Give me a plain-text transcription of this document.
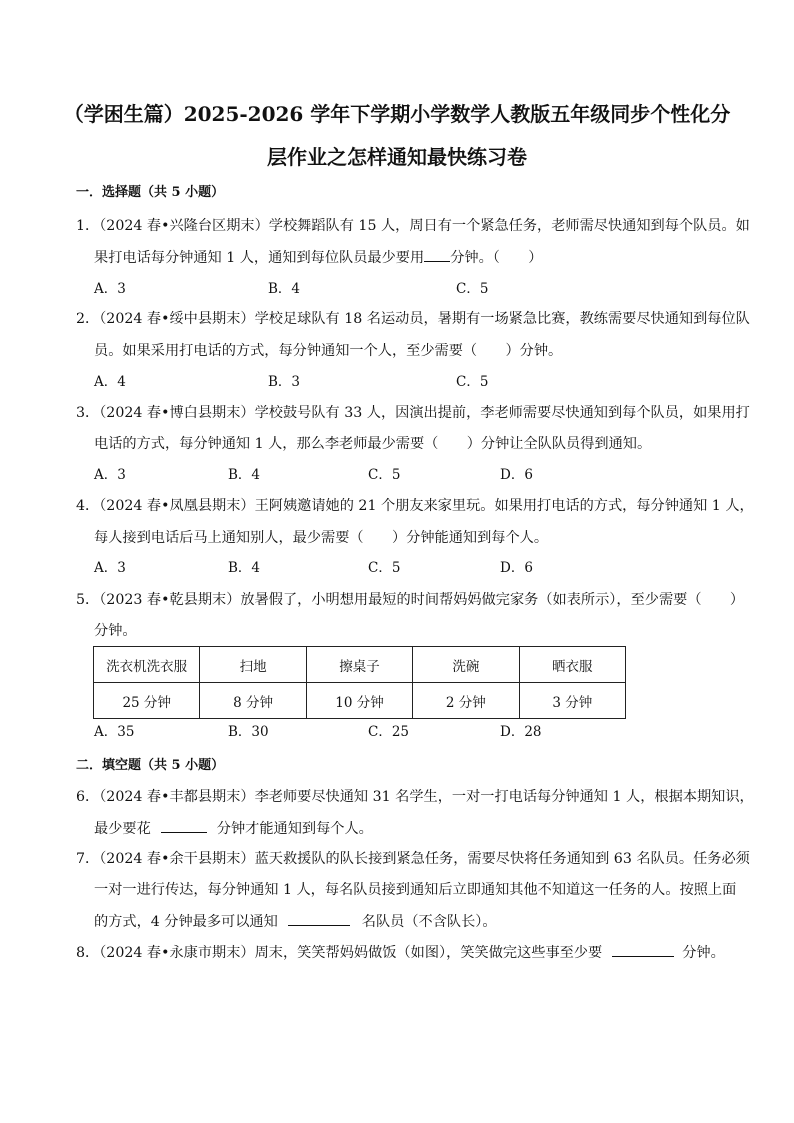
（学困生篇）2025-2026 学年下学期小学数学人教版五年级同步个性化分
层作业之怎样通知最快练习卷
一．选择题（共 5 小题）
1．（2024 春•兴隆台区期末）学校舞蹈队有 15 人，周日有一个紧急任务，老师需尽快通知到每个队员。如
果打电话每分钟通知 1 人，通知到每位队员最少要用 分钟。（　　）
A．3	B．4	C．5
2．（2024 春•绥中县期末）学校足球队有 18 名运动员，暑期有一场紧急比赛，教练需要尽快通知到每位队
员。如果采用打电话的方式，每分钟通知一个人，至少需要（　　）分钟。
A．4	B．3	C．5
3．（2024 春•博白县期末）学校鼓号队有 33 人，因演出提前，李老师需要尽快通知到每个队员，如果用打
电话的方式，每分钟通知 1 人，那么李老师最少需要（　　）分钟让全队队员得到通知。
A．3	B．4	C．5	D．6
4．（2024 春•凤凰县期末）王阿姨邀请她的 21 个朋友来家里玩。如果用打电话的方式，每分钟通知 1 人，
每人接到电话后马上通知别人，最少需要（　　）分钟能通知到每个人。
A．3	B．4	C．5	D．6
5．（2023 春•乾县期末）放暑假了，小明想用最短的时间帮妈妈做完家务（如表所示），至少需要（　　）
分钟。
洗衣机洗衣服	扫地	擦桌子	洗碗	晒衣服
25 分钟	8 分钟	10 分钟	2 分钟	3 分钟
A．35	B．30	C．25	D．28
二．填空题（共 5 小题）
6．（2024 春•丰都县期末）李老师要尽快通知 31 名学生，一对一打电话每分钟通知 1 人，根据本期知识，
最少要花	分钟才能通知到每个人。
7．（2024 春•余干县期末）蓝天救援队的队长接到紧急任务，需要尽快将任务通知到 63 名队员。任务必须
一对一进行传达，每分钟通知 1 人，每名队员接到通知后立即通知其他不知道这一任务的人。按照上面
的方式，4 分钟最多可以通知	名队员（不含队长）。
8．（2024 春•永康市期末）周末，笑笑帮妈妈做饭（如图），笑笑做完这些事至少要	分钟。
